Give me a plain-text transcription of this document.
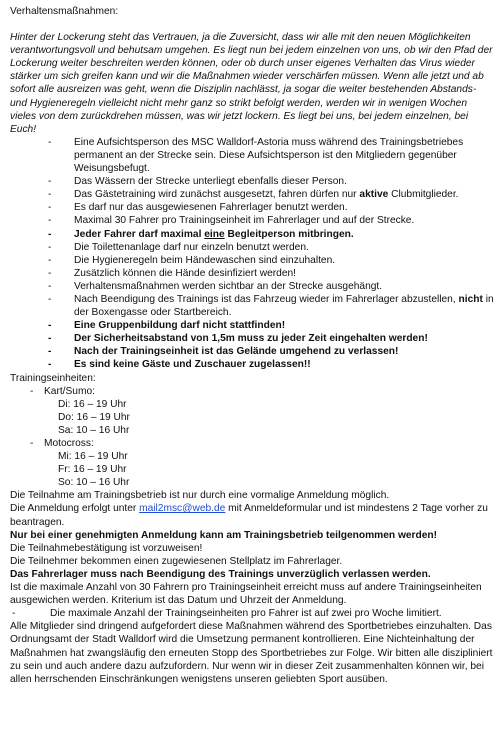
Verhaltensmaßnahmen:
Hinter der Lockerung steht das Vertrauen, ja die Zuversicht, dass wir alle mit den neuen Möglichkeiten verantwortungsvoll und behutsam umgehen. Es liegt nun bei jedem einzelnen von uns, ob wir den Pfad der Lockerung weiter beschreiten werden können, oder ob durch unser eigenes Verhalten das Virus wieder stärker um sich greifen kann und wir die Maßnahmen wieder verschärfen müssen. Wenn alle jetzt und ab sofort alle ausreizen was geht, wenn die Disziplin nachlässt, ja sogar die weiter bestehenden Abstands- und Hygieneregeln vielleicht nicht mehr ganz so strikt befolgt werden, werden wir in wenigen Wochen vieles von dem zurückdrehen müssen, was wir jetzt lockern. Es liegt bei uns, bei jedem einzelnen, bei Euch!
- Eine Aufsichtsperson des MSC Walldorf-Astoria muss während des Trainingsbetriebes permanent an der Strecke sein. Diese Aufsichtsperson ist den Mitgliedern gegenüber Weisungsbefugt.
- Das Wässern der Strecke unterliegt ebenfalls dieser Person.
- Das Gästetraining wird zunächst ausgesetzt, fahren dürfen nur aktive Clubmitglieder.
- Es darf nur das ausgewiesenen Fahrerlager benutzt werden.
- Maximal 30 Fahrer pro Trainingseinheit im Fahrerlager und auf der Strecke.
- Jeder Fahrer darf maximal eine Begleitperson mitbringen.
- Die Toilettenanlage darf nur einzeln benutzt werden.
- Die Hygieneregeln beim Händewaschen sind einzuhalten.
- Zusätzlich können die Hände desinfiziert werden!
- Verhaltensmaßnahmen werden sichtbar an der Strecke ausgehängt.
- Nach Beendigung des Trainings ist das Fahrzeug wieder im Fahrerlager abzustellen, nicht in der Boxengasse oder Startbereich.
- Eine Gruppenbildung darf nicht stattfinden!
- Der Sicherheitsabstand von 1,5m muss zu jeder Zeit eingehalten werden!
- Nach der Trainingseinheit ist das Gelände umgehend zu verlassen!
- Es sind keine Gäste und Zuschauer zugelassen!!
Trainingseinheiten:
- Kart/Sumo:
Di: 16 – 19 Uhr
Do: 16 – 19 Uhr
Sa: 10 – 16 Uhr
- Motocross:
Mi: 16 – 19 Uhr
Fr: 16 – 19 Uhr
So: 10 – 16 Uhr
Die Teilnahme am Trainingsbetrieb ist nur durch eine vormalige Anmeldung möglich.
Die Anmeldung erfolgt unter mail2msc@web.de mit Anmeldeformular und ist mindestens 2 Tage vorher zu beantragen.
Nur bei einer genehmigten Anmeldung kann am Trainingsbetrieb teilgenommen werden!
Die Teilnahmebestätigung ist vorzuweisen!
Die Teilnehmer bekommen einen zugewiesenen Stellplatz im Fahrerlager.
Das Fahrerlager muss nach Beendigung des Trainings unverzüglich verlassen werden.
Ist die maximale Anzahl von 30 Fahrern pro Trainingseinheit erreicht muss auf andere Trainingseinheiten ausgewichen werden. Kriterium ist das Datum und Uhrzeit der Anmeldung.
- Die maximale Anzahl der Trainingseinheiten pro Fahrer ist auf zwei pro Woche limitiert.
Alle Mitglieder sind dringend aufgefordert diese Maßnahmen während des Sportbetriebes einzuhalten. Das Ordnungsamt der Stadt Walldorf wird die Umsetzung permanent kontrollieren. Eine Nichteinhaltung der Maßnahmen hat zwangsläufig den erneuten Stopp des Sportbetriebes zur Folge. Wir bitten alle diszipliniert zu sein und auch andere dazu aufzufordern. Nur wenn wir in dieser Zeit zusammenhalten können wir, bei allen herrschenden Einschränkungen wenigstens unseren geliebten Sport ausüben.
